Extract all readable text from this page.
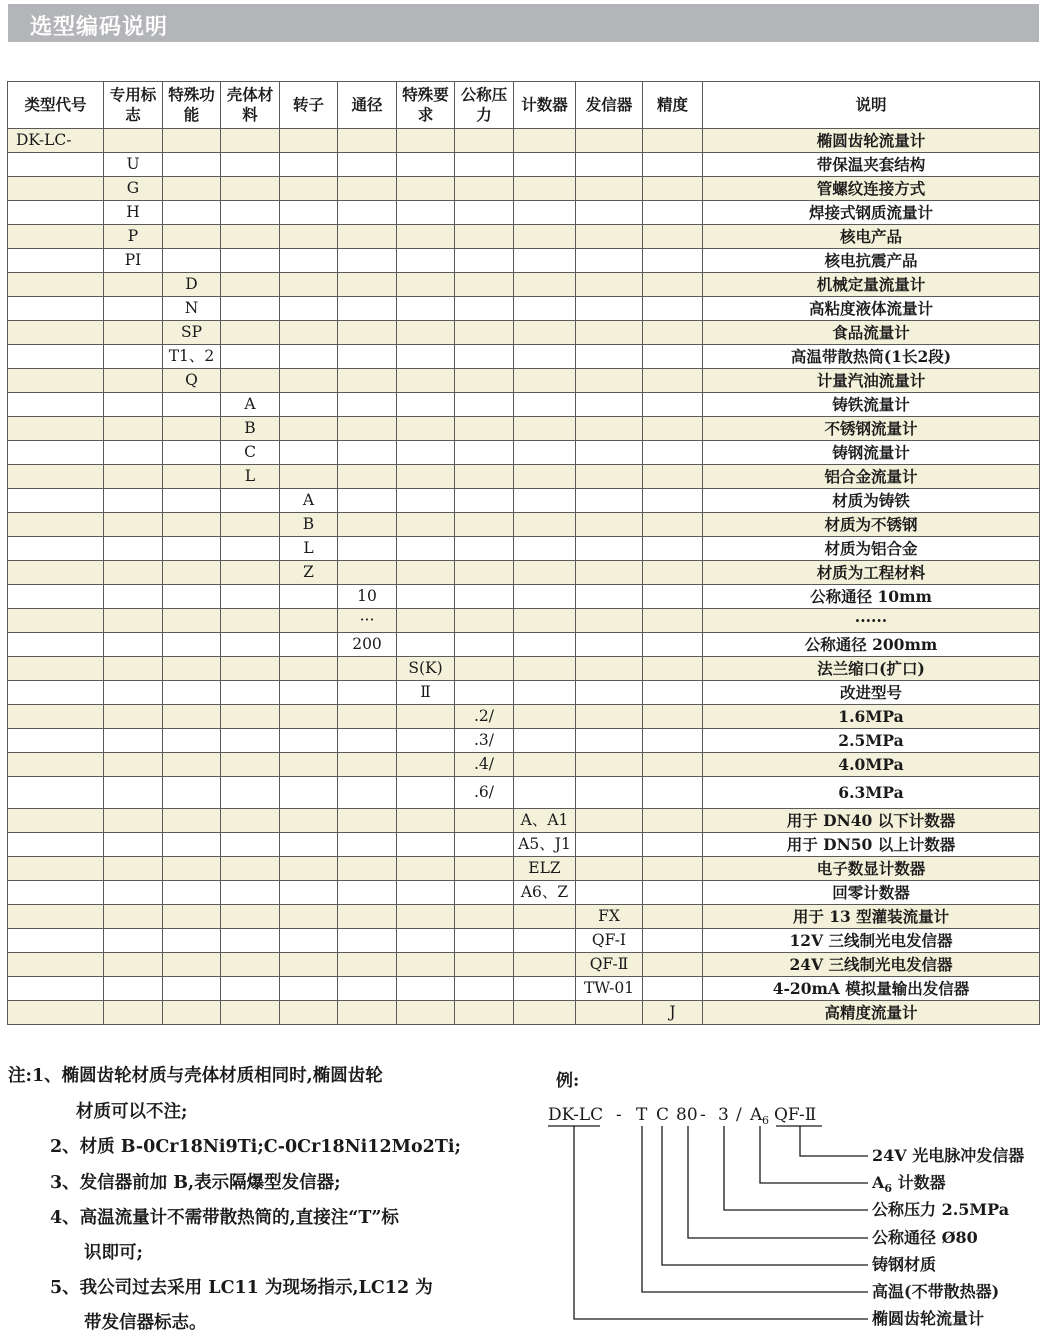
选型编码说明
类型代号	专用标志	特殊功能	壳体材料	转子	通径	特殊要求	公称压力	计数器	发信器	精度	说明
DK-LC-											椭圆齿轮流量计
	U										带保温夹套结构
	G										管螺纹连接方式
	H										焊接式钢质流量计
	P										核电产品
	PI										核电抗震产品
		D									机械定量流量计
		N									高粘度液体流量计
		SP									食品流量计
		T1、2									高温带散热筒(1长2段)
		Q									计量汽油流量计
			A								铸铁流量计
			B								不锈钢流量计
			C								铸钢流量计
			L								铝合金流量计
				A							材质为铸铁
				B							材质为不锈钢
				L							材质为铝合金
				Z							材质为工程材料
					10						公称通径 10mm
					···						······
					200						公称通径 200mm
						S(K)					法兰缩口(扩口)
						Ⅱ					改进型号
							.2/				1.6MPa
							.3/				2.5MPa
							.4/				4.0MPa
							.6/				6.3MPa
								A、A1			用于 DN40 以下计数器
								A5、J1			用于 DN50 以上计数器
								ELZ			电子数显计数器
								A6、Z			回零计数器
									FX		用于 13 型灌装流量计
									QF-Ⅰ		12V 三线制光电发信器
									QF-Ⅱ		24V 三线制光电发信器
									TW-01		4-20mA 模拟量输出发信器
										J	高精度流量计
注:1、椭圆齿轮材质与壳体材质相同时,椭圆齿轮
材质可以不注;
2、材质 B-0Cr18Ni9Ti;C-0Cr18Ni12Mo2Ti;
3、发信器前加 B,表示隔爆型发信器;
4、高温流量计不需带散热筒的,直接注“T”标
识即可;
5、我公司过去采用 LC11 为现场指示,LC12 为
带发信器标志。
例:
DK-LC - T C 80 - 3 / A 6 QF-Ⅱ
24V 光电脉冲发信器
$A_6$ 计数器
公称压力 2.5MPa
公称通径 Ø80
铸钢材质
高温(不带散热器)
椭圆齿轮流量计
